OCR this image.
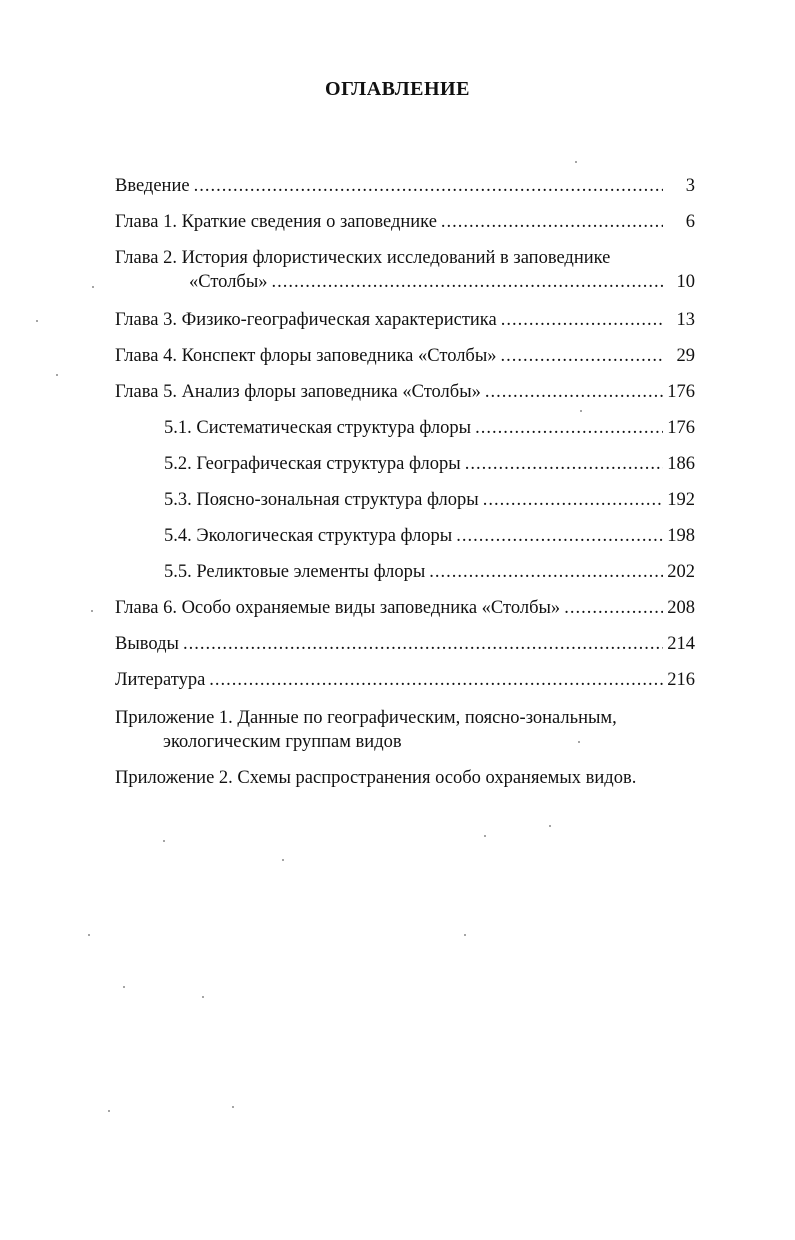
ОГЛАВЛЕНИЕ
Введение .....	3
Глава 1. Краткие сведения о заповеднике .....	6
Глава 2. История флористических исследований в заповеднике
«Столбы» .....	10
Глава 3. Физико-географическая характеристика .....	13
Глава 4. Конспект флоры заповедника «Столбы» .....	29
Глава 5. Анализ флоры заповедника «Столбы» .....	176
5.1. Систематическая структура флоры .....	176
5.2. Географическая структура флоры .....	186
5.3. Поясно-зональная структура флоры .....	192
5.4. Экологическая структура флоры .....	198
5.5. Реликтовые элементы флоры .....	202
Глава 6. Особо охраняемые виды заповедника «Столбы» .....	208
Выводы .....	214
Литература .....	216
Приложение 1. Данные по географическим, поясно-зональным,
экологическим группам видов
Приложение 2. Схемы распространения особо охраняемых видов.
